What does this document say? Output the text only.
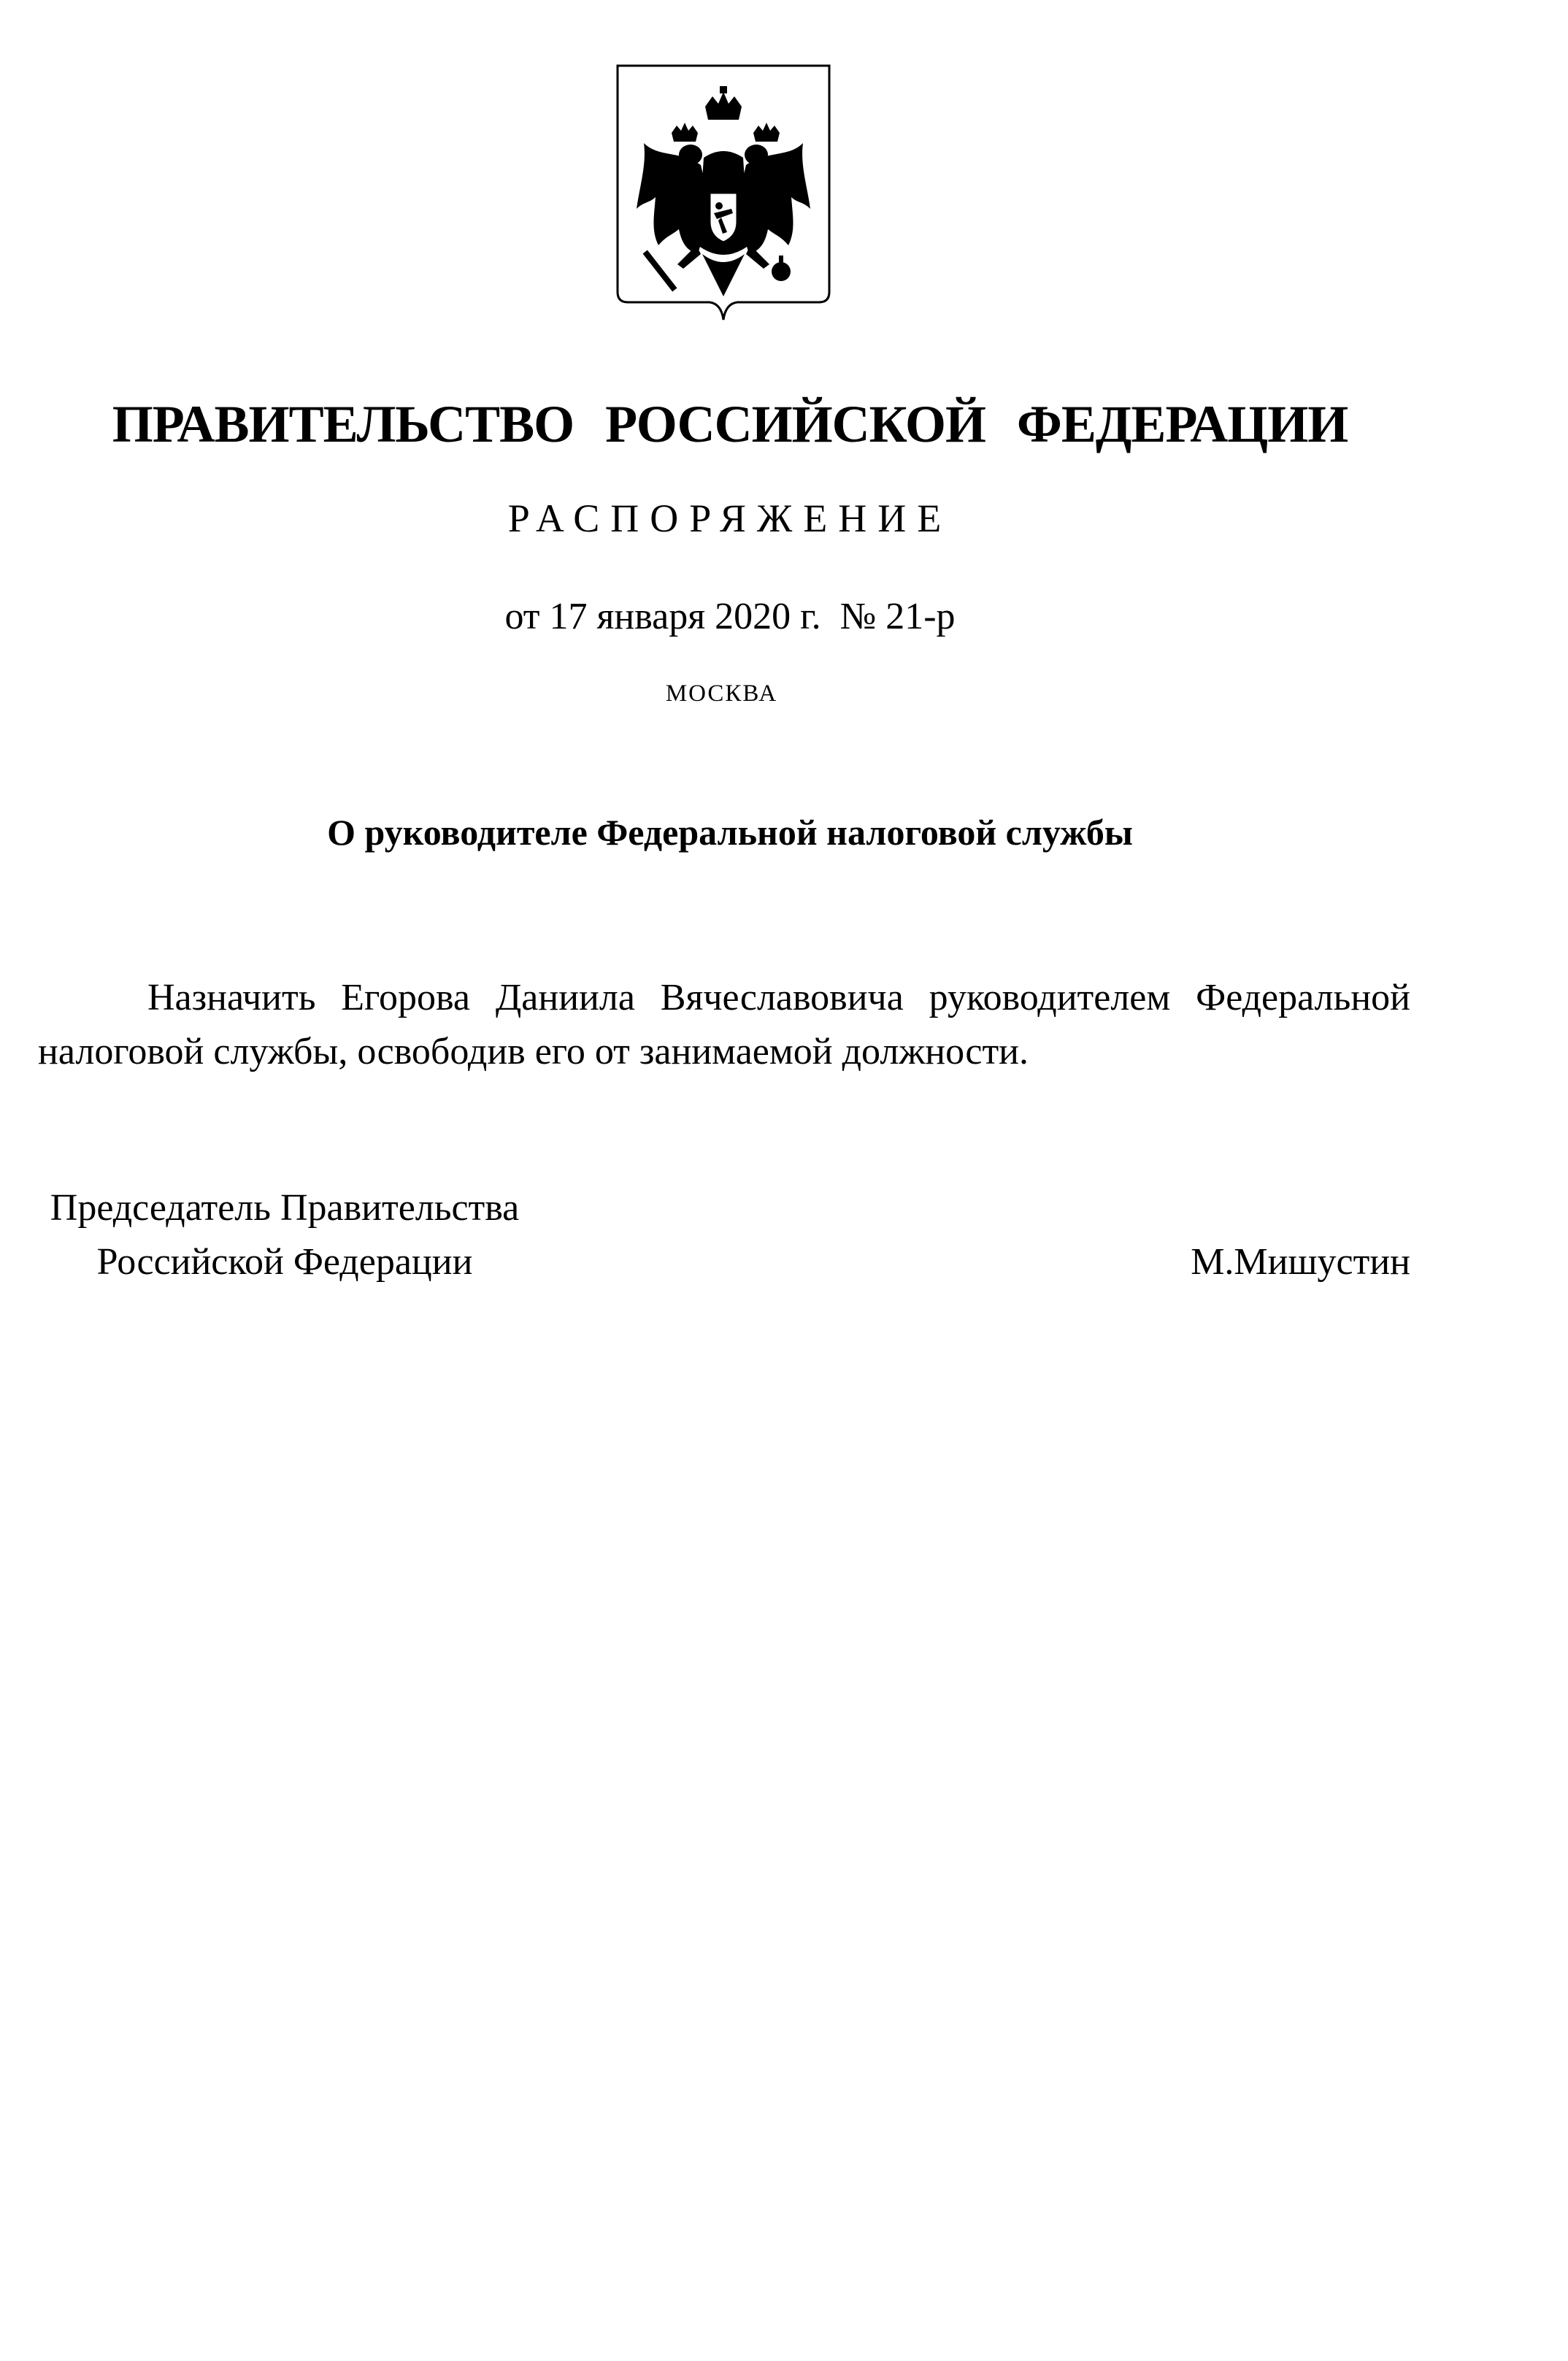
ПРАВИТЕЛЬСТВО РОССИЙСКОЙ ФЕДЕРАЦИИ
РАСПОРЯЖЕНИЕ
от 17 января 2020 г.  № 21-р
МОСКВА
О руководителе Федеральной налоговой службы
Назначить Егорова Даниила Вячеславовича руководителем Федеральной налоговой службы, освободив его от занимаемой должности.
Председатель Правительства
Российской Федерации	М.Мишустин
